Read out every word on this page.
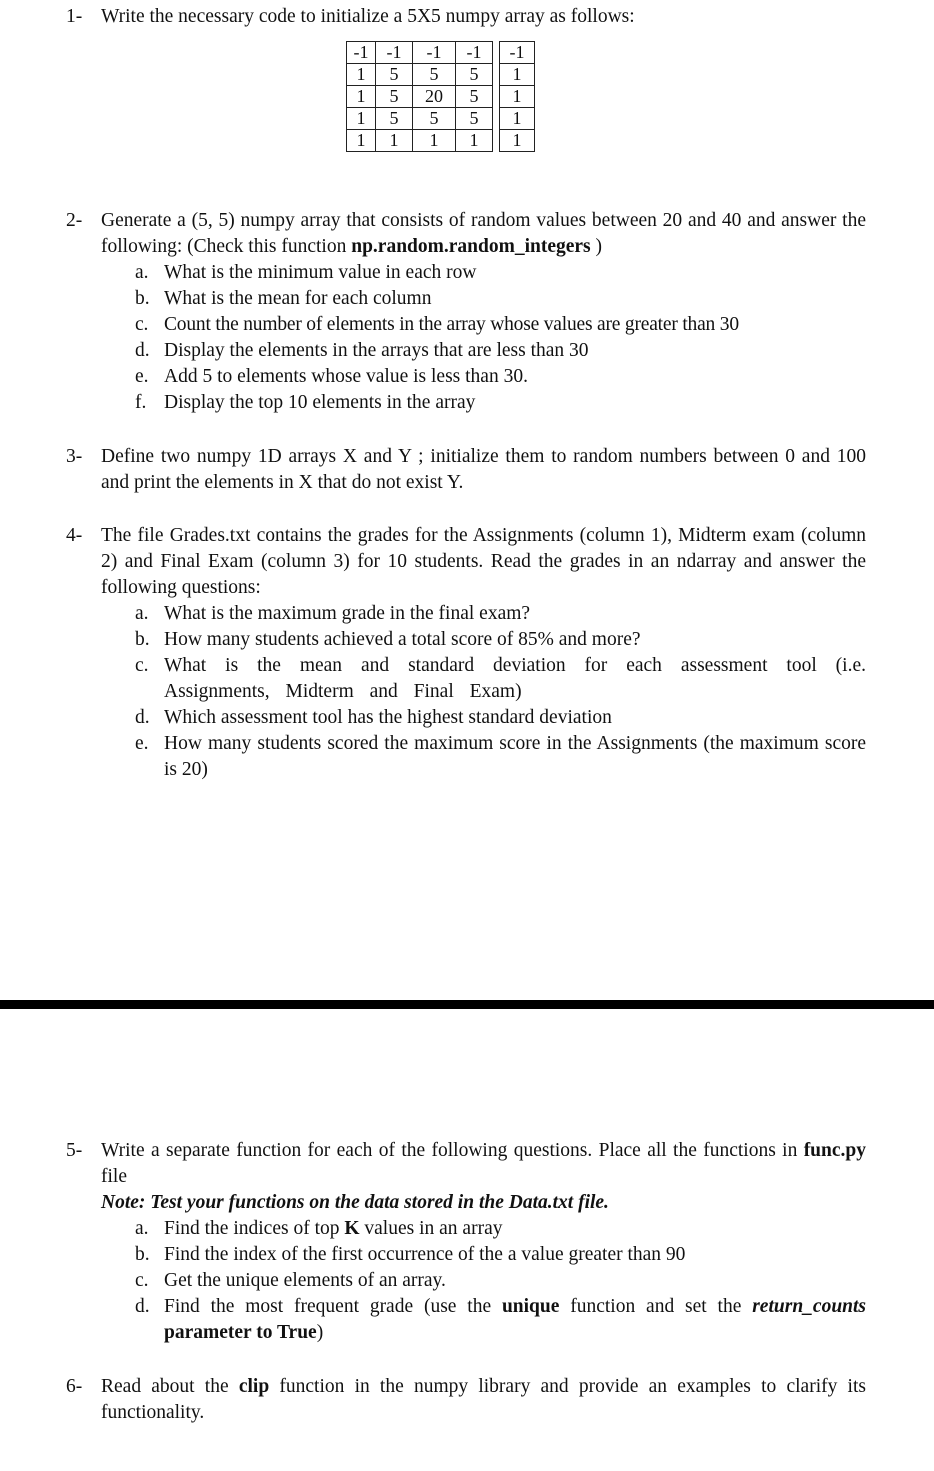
1- Write the necessary code to initialize a 5X5 numpy array as follows:
-1	-1	-1	-1		-1
1	5	5	5		1
1	5	20	5		1
1	5	5	5		1
1	1	1	1		1
2- Generate a (5, 5) numpy array that consists of random values between 20 and 40 and answer the following: (Check this function np.random.random_integers )
a. What is the minimum value in each row
b. What is the mean for each column
c. Count the number of elements in the array whose values are greater than 30
d. Display the elements in the arrays that are less than 30
e. Add 5 to elements whose value is less than 30.
f. Display the top 10 elements in the array
3- Define two numpy 1D arrays X and Y ; initialize them to random numbers between 0 and 100 and print the elements in X that do not exist Y.
4- The file Grades.txt contains the grades for the Assignments (column 1), Midterm exam (column 2) and Final Exam (column 3) for 10 students. Read the grades in an ndarray and answer the following questions:
a. What is the maximum grade in the final exam?
b. How many students achieved a total score of 85% and more?
c. What is the mean and standard deviation for each assessment tool (i.e. Assignments, Midterm and Final Exam)
d. Which assessment tool has the highest standard deviation
e. How many students scored the maximum score in the Assignments (the maximum score is 20)
5- Write a separate function for each of the following questions. Place all the functions in func.py file
Note: Test your functions on the data stored in the Data.txt file.
a. Find the indices of top K values in an array
b. Find the index of the first occurrence of the a value greater than 90
c. Get the unique elements of an array.
d. Find the most frequent grade (use the unique function and set the return_counts parameter to True)
6- Read about the clip function in the numpy library and provide an examples to clarify its functionality.
